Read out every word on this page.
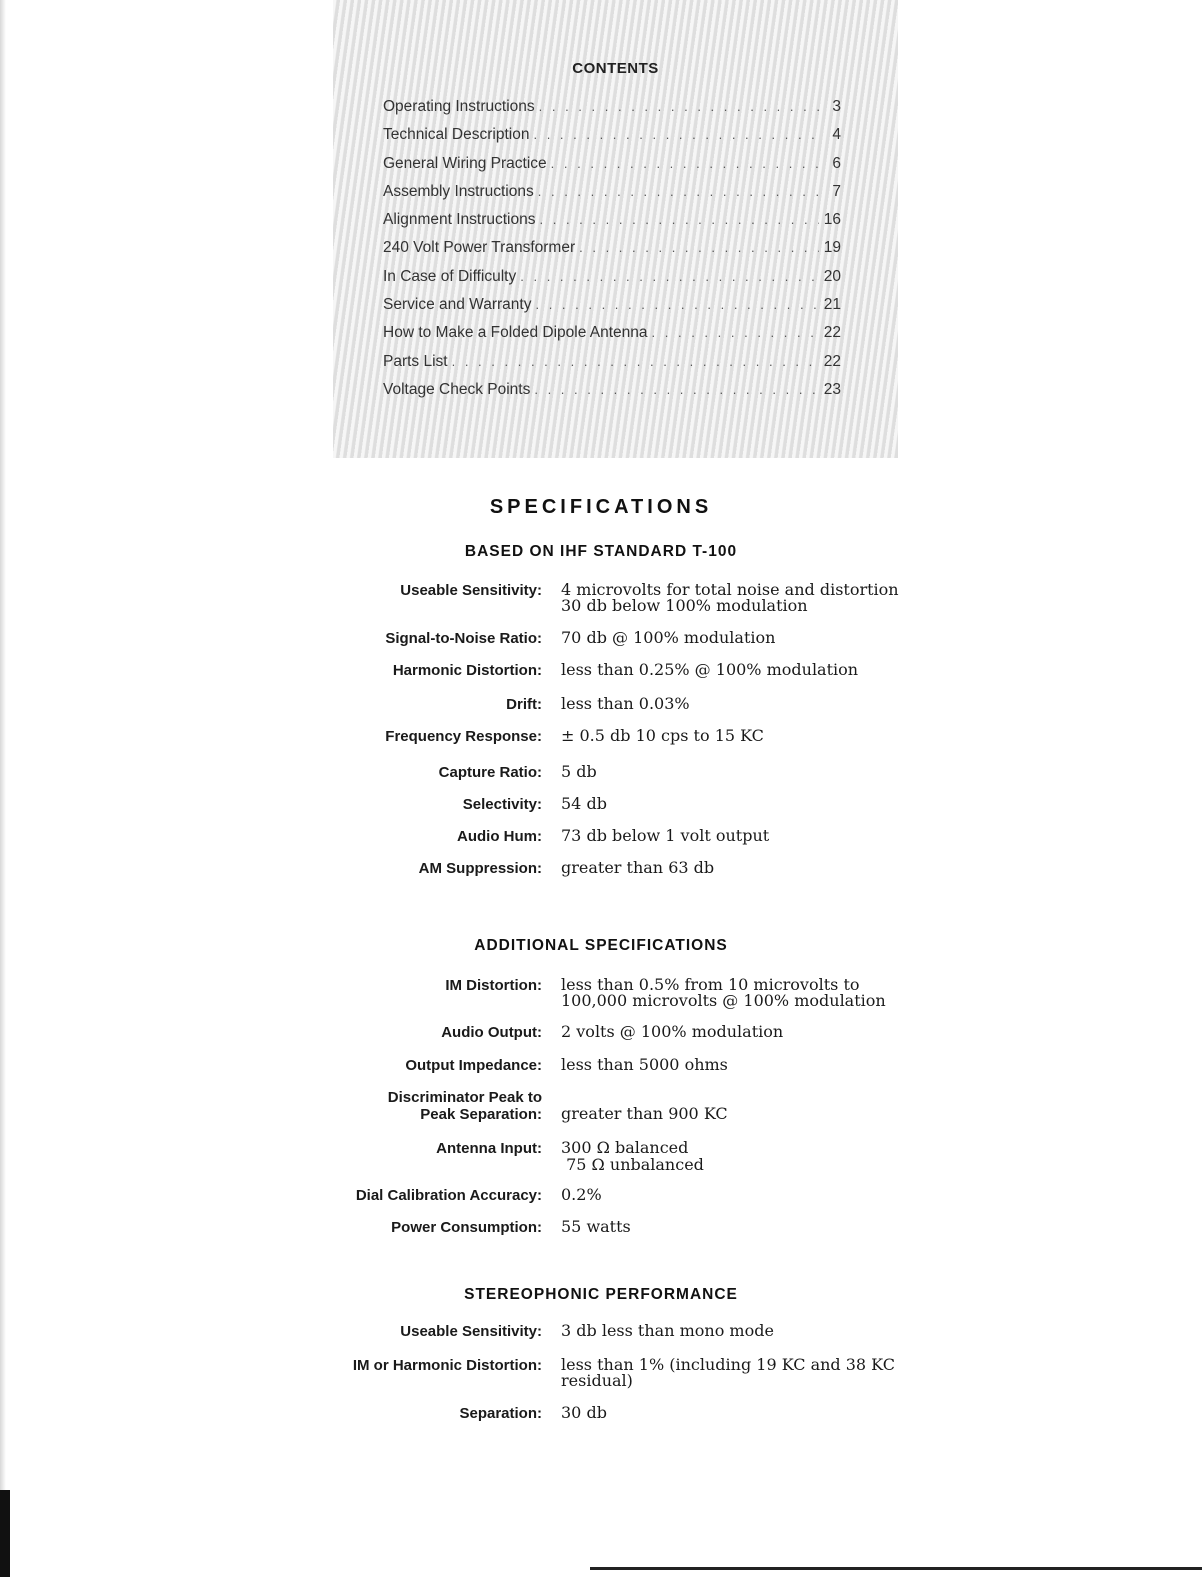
CONTENTS
Operating Instructions . . .	3
Technical Description . . .	4
General Wiring Practice . . .	6
Assembly Instructions . . .	7
Alignment Instructions . . .	16
240 Volt Power Transformer . . .	19
In Case of Difficulty . . .	20
Service and Warranty . . .	21
How to Make a Folded Dipole Antenna . . .	22
Parts List . . .	22
Voltage Check Points . . .	23
SPECIFICATIONS
BASED ON IHF STANDARD T-100
Useable Sensitivity: 4 microvolts for total noise and distortion
30 db below 100% modulation
Signal-to-Noise Ratio: 70 db @ 100% modulation
Harmonic Distortion: less than 0.25% @ 100% modulation
Drift: less than 0.03%
Frequency Response: ± 0.5 db 10 cps to 15 KC
Capture Ratio: 5 db
Selectivity: 54 db
Audio Hum: 73 db below 1 volt output
AM Suppression: greater than 63 db
ADDITIONAL SPECIFICATIONS
IM Distortion: less than 0.5% from 10 microvolts to
100,000 microvolts @ 100% modulation
Audio Output: 2 volts @ 100% modulation
Output Impedance: less than 5000 ohms
Discriminator Peak to
Peak Separation: greater than 900 KC
Antenna Input: 300 Ω balanced
75 Ω unbalanced
Dial Calibration Accuracy: 0.2%
Power Consumption: 55 watts
STEREOPHONIC PERFORMANCE
Useable Sensitivity: 3 db less than mono mode
IM or Harmonic Distortion: less than 1% (including 19 KC and 38 KC
residual)
Separation: 30 db
